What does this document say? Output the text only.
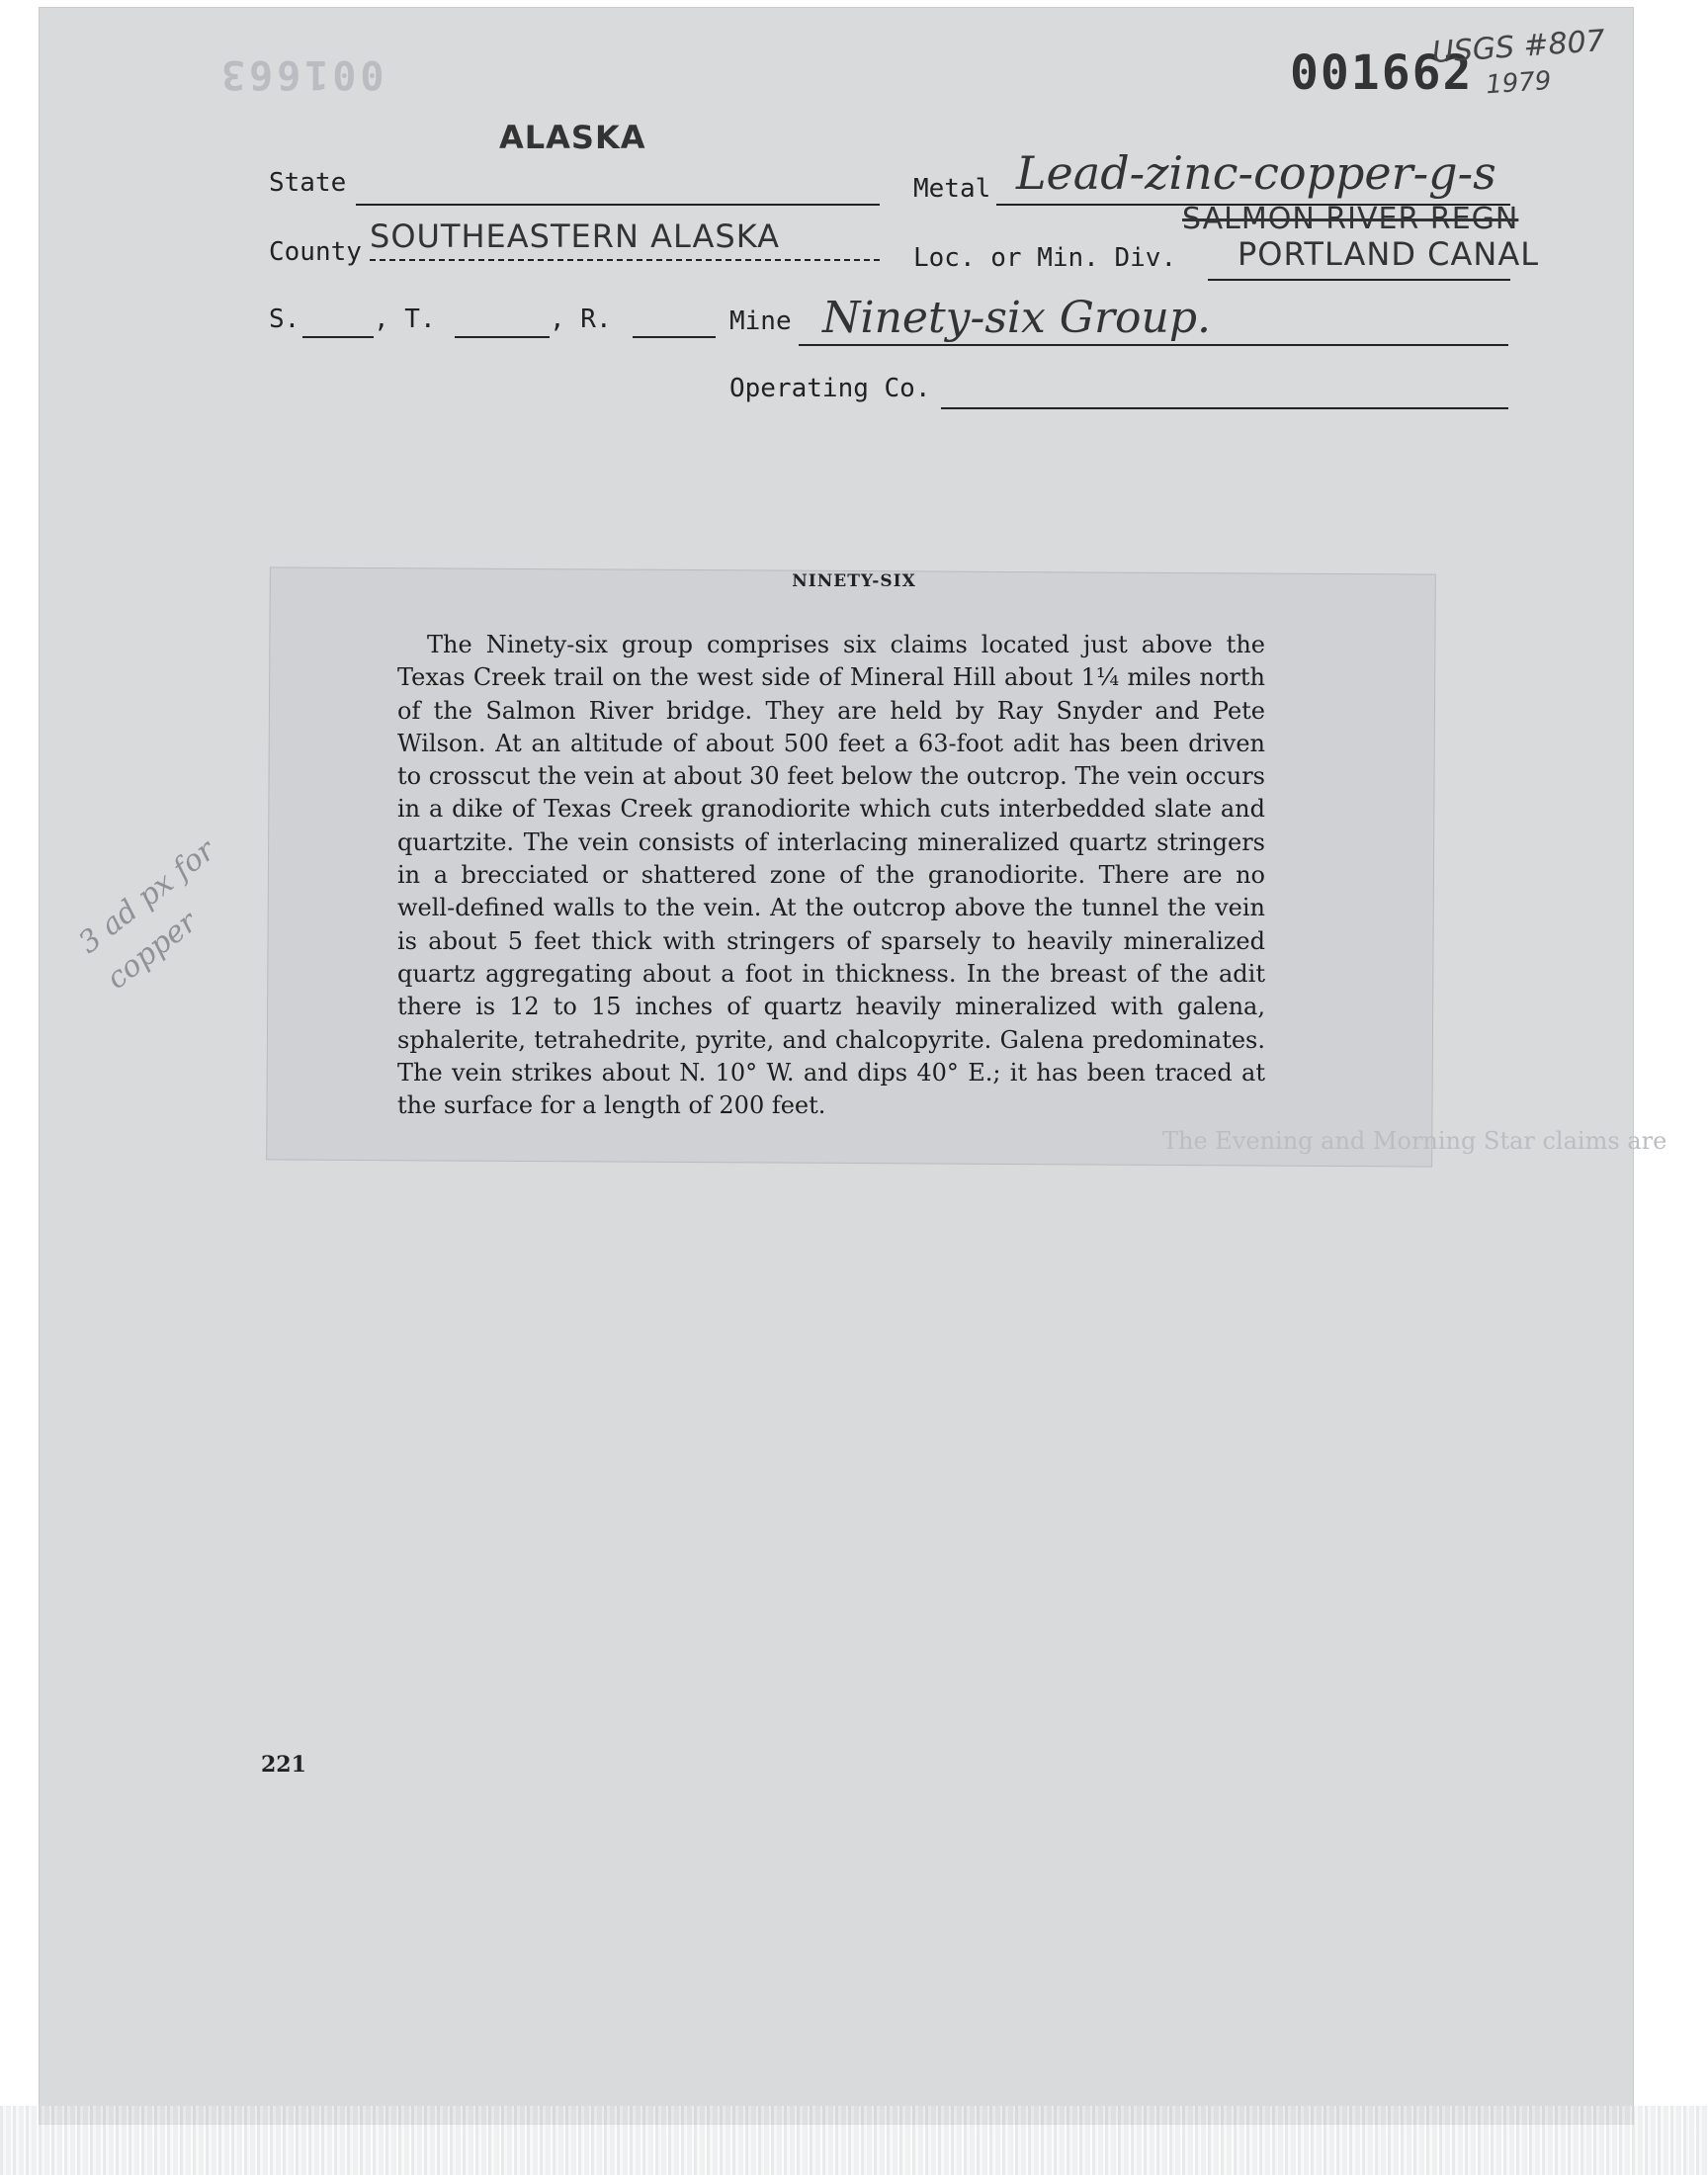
001663	001662
USGS #807
1979
ALASKA
State	Metal Lead-zinc-copper-g-s
County SOUTHEASTERN ALASKA	SALMON RIVER REGN
Loc. or Min. Div. PORTLAND CANAL
S.	, T.	, R.	Mine Ninety-six Group.
Operating Co.
NINETY-SIX
The Ninety-six group comprises six claims located just above the Texas Creek trail on the west side of Mineral Hill about 1¼ miles north of the Salmon River bridge. They are held by Ray Snyder and Pete Wilson. At an altitude of about 500 feet a 63-foot adit has been driven to crosscut the vein at about 30 feet below the outcrop. The vein occurs in a dike of Texas Creek granodiorite which cuts interbedded slate and quartzite. The vein consists of interlacing mineralized quartz stringers in a brecciated or shattered zone of the granodiorite. There are no well-defined walls to the vein. At the outcrop above the tunnel the vein is about 5 feet thick with stringers of sparsely to heavily mineralized quartz aggregating about a foot in thickness. In the breast of the adit there is 12 to 15 inches of quartz heavily mineralized with galena, sphalerite, tetrahedrite, pyrite, and chalcopyrite. Galena predominates. The vein strikes about N. 10° W. and dips 40° E.; it has been traced at the surface for a length of 200 feet.
The Evening and Morning Star claims are
3 ad px for copper
221
